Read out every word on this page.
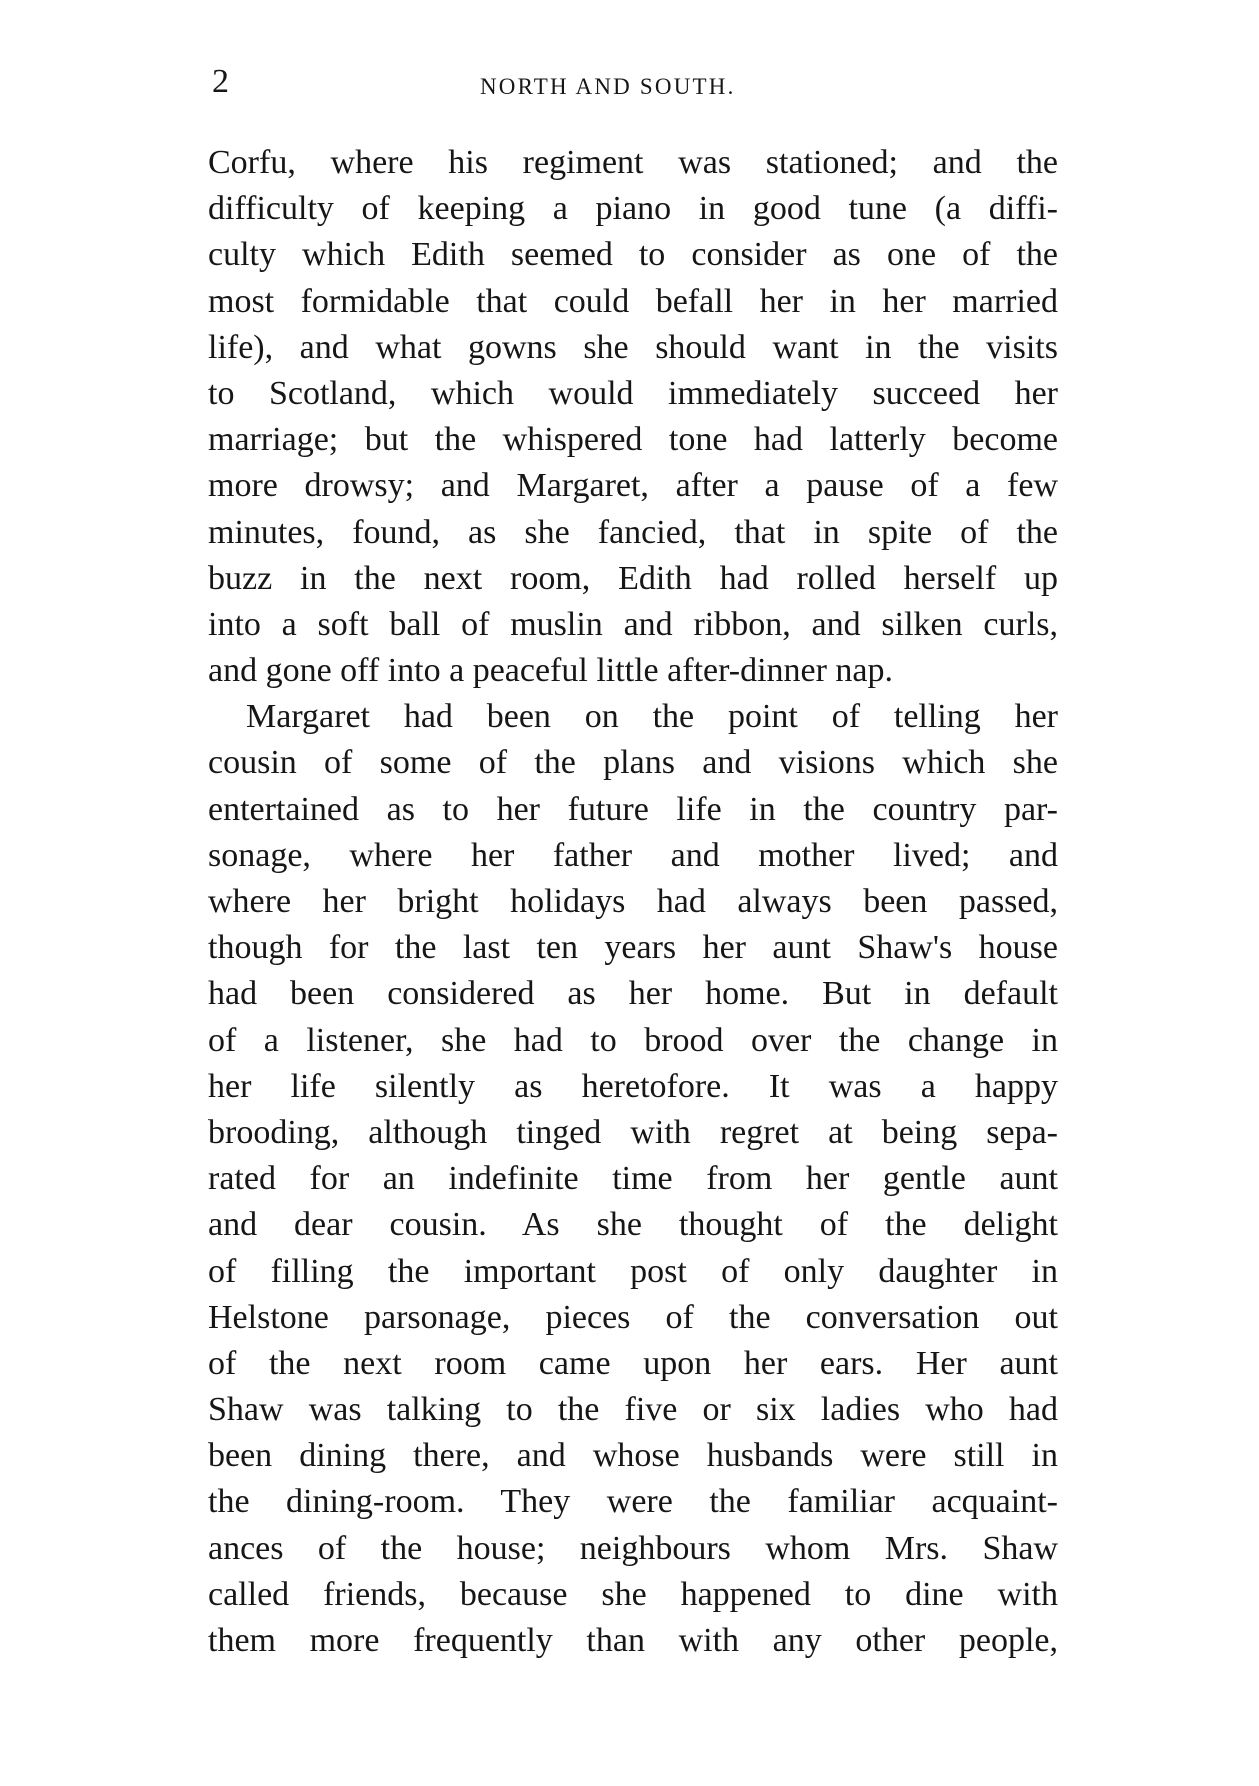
2	NORTH AND SOUTH.
Corfu, where his regiment was stationed; and the
difficulty of keeping a piano in good tune (a diffi-
culty which Edith seemed to consider as one of the
most formidable that could befall her in her married
life), and what gowns she should want in the visits
to Scotland, which would immediately succeed her
marriage; but the whispered tone had latterly become
more drowsy; and Margaret, after a pause of a few
minutes, found, as she fancied, that in spite of the
buzz in the next room, Edith had rolled herself up
into a soft ball of muslin and ribbon, and silken curls,
and gone off into a peaceful little after-dinner nap.
Margaret had been on the point of telling her
cousin of some of the plans and visions which she
entertained as to her future life in the country par-
sonage, where her father and mother lived; and
where her bright holidays had always been passed,
though for the last ten years her aunt Shaw's house
had been considered as her home. But in default
of a listener, she had to brood over the change in
her life silently as heretofore. It was a happy
brooding, although tinged with regret at being sepa-
rated for an indefinite time from her gentle aunt
and dear cousin. As she thought of the delight
of filling the important post of only daughter in
Helstone parsonage, pieces of the conversation out
of the next room came upon her ears. Her aunt
Shaw was talking to the five or six ladies who had
been dining there, and whose husbands were still in
the dining-room. They were the familiar acquaint-
ances of the house; neighbours whom Mrs. Shaw
called friends, because she happened to dine with
them more frequently than with any other people,
